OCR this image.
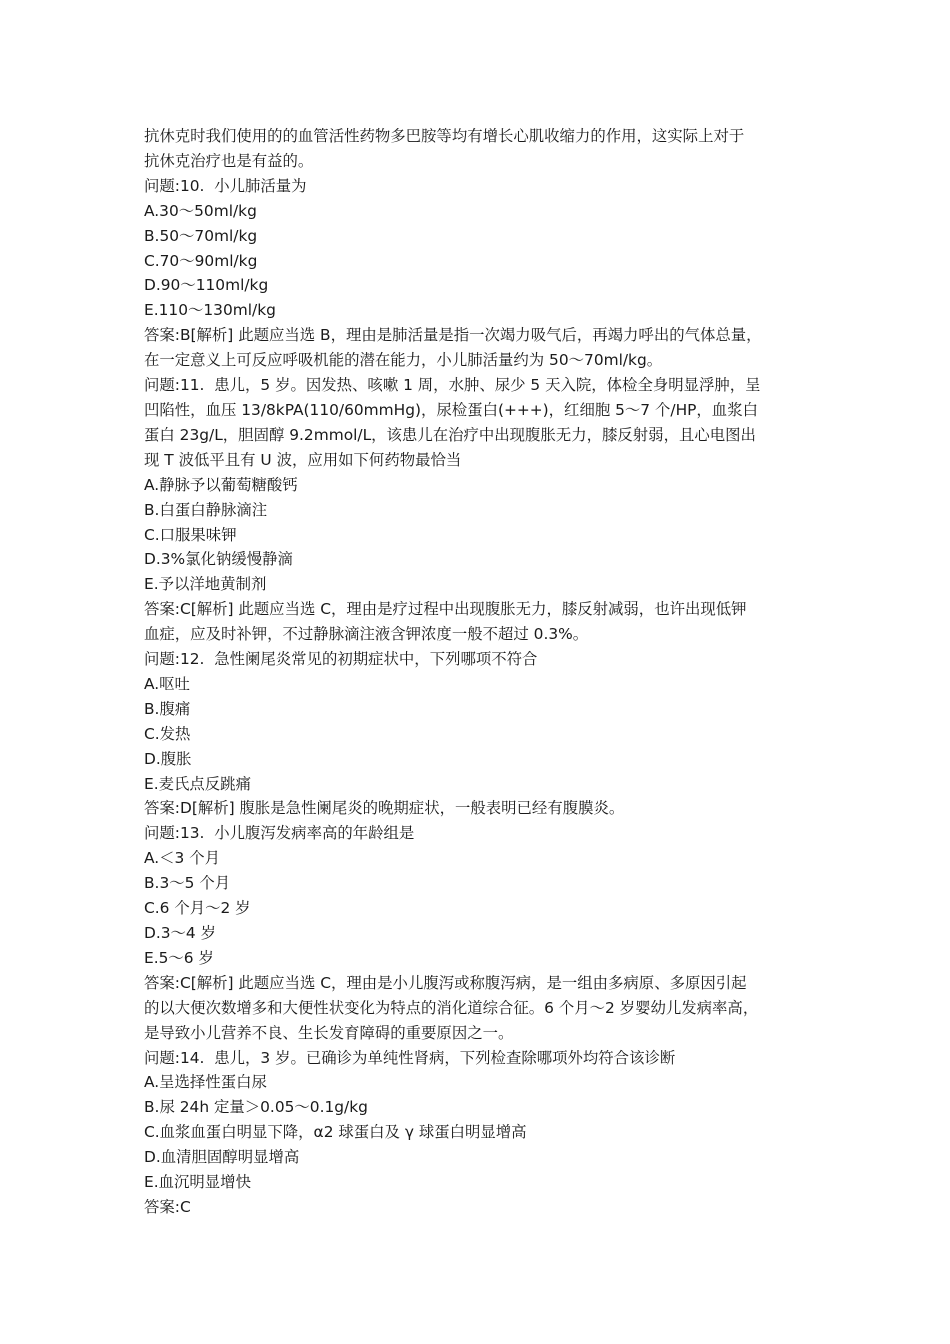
抗休克时我们使用的的血管活性药物多巴胺等均有增长心肌收缩力的作用，这实际上对于
抗休克治疗也是有益的。
问题:10.  小儿肺活量为
A.30～50ml/kg
B.50～70ml/kg
C.70～90ml/kg
D.90～110ml/kg
E.110～130ml/kg
答案:B[解析] 此题应当选 B，理由是肺活量是指一次竭力吸气后，再竭力呼出的气体总量，
在一定意义上可反应呼吸机能的潜在能力，小儿肺活量约为 50～70ml/kg。
问题:11.  患儿，5 岁。因发热、咳嗽 1 周，水肿、尿少 5 天入院，体检全身明显浮肿，呈
凹陷性，血压 13/8kPA(110/60mmHg)，尿检蛋白(+++)，红细胞 5～7 个/HP，血浆白
蛋白 23g/L，胆固醇 9.2mmol/L，该患儿在治疗中出现腹胀无力，膝反射弱，且心电图出
现 T 波低平且有 U 波，应用如下何药物最恰当
A.静脉予以葡萄糖酸钙
B.白蛋白静脉滴注
C.口服果味钾
D.3%氯化钠缓慢静滴
E.予以洋地黄制剂
答案:C[解析] 此题应当选 C，理由是疗过程中出现腹胀无力，膝反射减弱，也许出现低钾
血症，应及时补钾，不过静脉滴注液含钾浓度一般不超过 0.3%。
问题:12.  急性阑尾炎常见的初期症状中，下列哪项不符合
A.呕吐
B.腹痛
C.发热
D.腹胀
E.麦氏点反跳痛
答案:D[解析] 腹胀是急性阑尾炎的晚期症状，一般表明已经有腹膜炎。
问题:13.  小儿腹泻发病率高的年龄组是
A.＜3 个月
B.3～5 个月
C.6 个月～2 岁
D.3～4 岁
E.5～6 岁
答案:C[解析] 此题应当选 C，理由是小儿腹泻或称腹泻病，是一组由多病原、多原因引起
的以大便次数增多和大便性状变化为特点的消化道综合征。6 个月～2 岁婴幼儿发病率高，
是导致小儿营养不良、生长发育障碍的重要原因之一。
问题:14.  患儿，3 岁。已确诊为单纯性肾病，下列检查除哪项外均符合该诊断
A.呈选择性蛋白尿
B.尿 24h 定量＞0.05～0.1g/kg
C.血浆血蛋白明显下降，α2 球蛋白及 γ 球蛋白明显增高
D.血清胆固醇明显增高
E.血沉明显增快
答案:C
